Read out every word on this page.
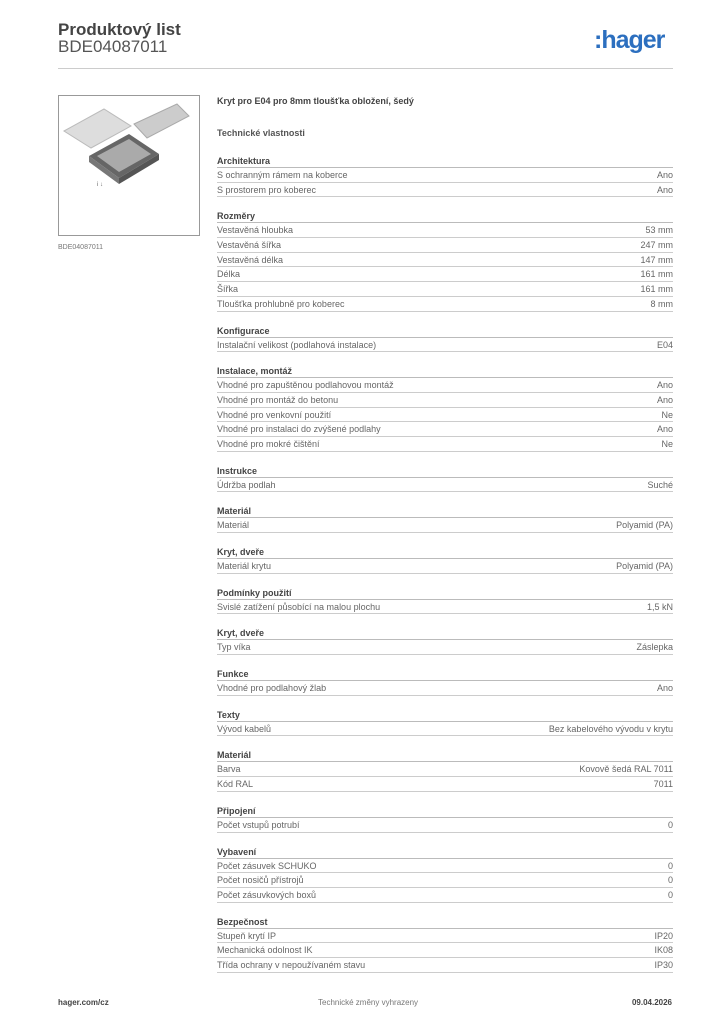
Produktový list
BDE04087011	:hager
i ↓
BDE04087011
Kryt pro E04 pro 8mm tloušťka obložení, šedý
Technické vlastnosti
Architektura
S ochranným rámem na koberce	Ano
S prostorem pro koberec	Ano
Rozměry
Vestavěná hloubka	53 mm
Vestavěná šířka	247 mm
Vestavěná délka	147 mm
Délka	161 mm
Šířka	161 mm
Tloušťka prohlubně pro koberec	8 mm
Konfigurace
Instalační velikost (podlahová instalace)	E04
Instalace, montáž
Vhodné pro zapuštěnou podlahovou montáž	Ano
Vhodné pro montáž do betonu	Ano
Vhodné pro venkovní použití	Ne
Vhodné pro instalaci do zvýšené podlahy	Ano
Vhodné pro mokré čištění	Ne
Instrukce
Údržba podlah	Suché
Materiál
Materiál	Polyamid (PA)
Kryt, dveře
Materiál krytu	Polyamid (PA)
Podmínky použití
Svislé zatížení působící na malou plochu	1,5 kN
Kryt, dveře
Typ víka	Záslepka
Funkce
Vhodné pro podlahový žlab	Ano
Texty
Vývod kabelů	Bez kabelového vývodu v krytu
Materiál
Barva	Kovově šedá RAL 7011
Kód RAL	7011
Připojení
Počet vstupů potrubí	0
Vybavení
Počet zásuvek SCHUKO	0
Počet nosičů přístrojů	0
Počet zásuvkových boxů	0
Bezpečnost
Stupeň krytí IP	IP20
Mechanická odolnost IK	IK08
Třída ochrany v nepoužívaném stavu	IP30
hager.com/cz	Technické změny vyhrazeny	09.04.2026
